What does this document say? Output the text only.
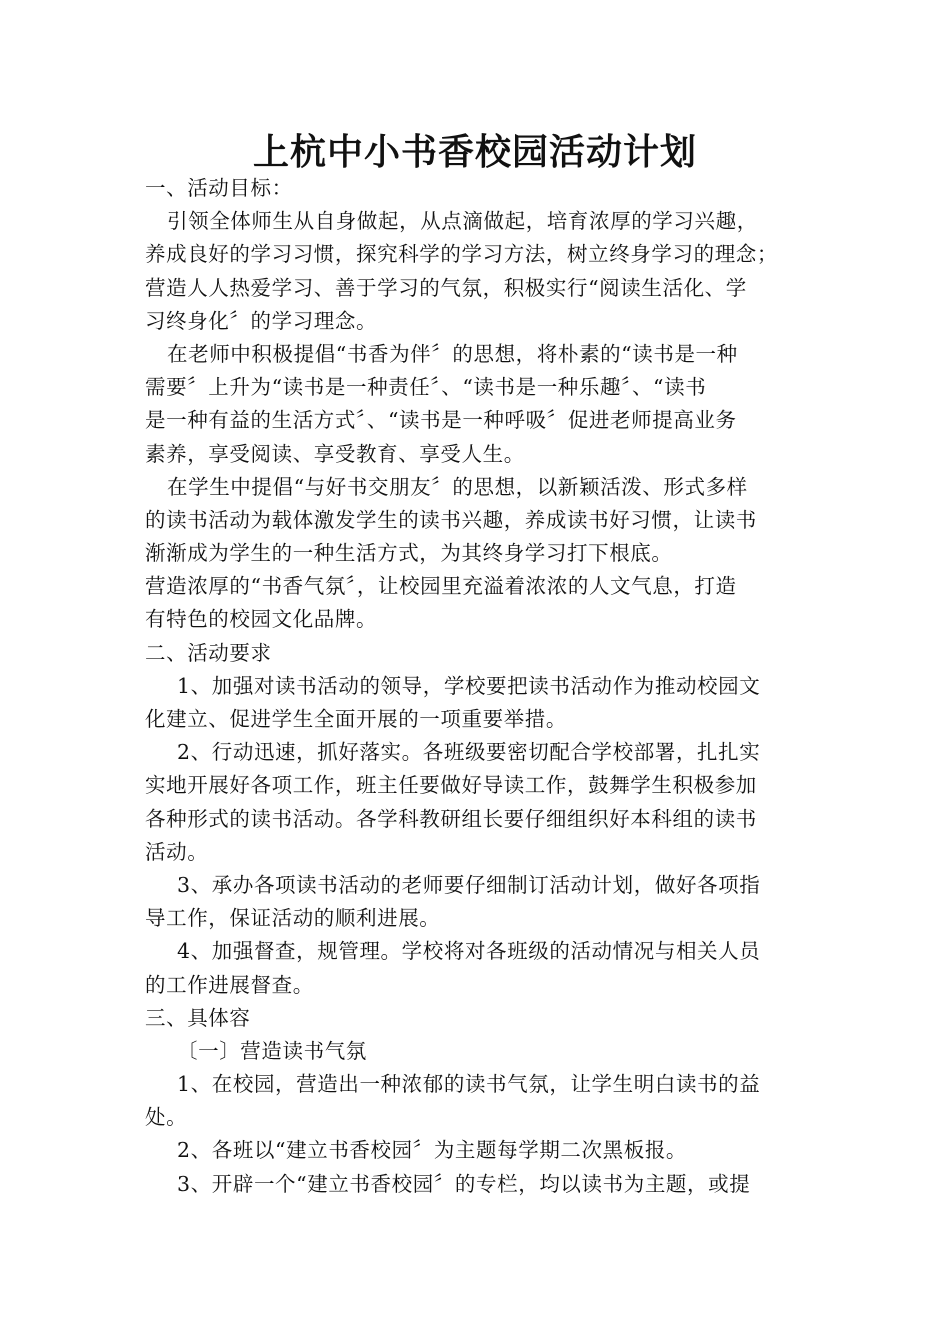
上杭中小书香校园活动计划
一、活动目标：
引领全体师生从自身做起，从点滴做起，培育浓厚的学习兴趣，
养成良好的学习习惯，探究科学的学习方法，树立终身学习的理念；
营造人人热爱学习、善于学习的气氛，积极实行“阅读生活化、学
习终身化〞的学习理念。
在老师中积极提倡“书香为伴〞的思想，将朴素的“读书是一种
需要〞上升为“读书是一种责任〞、“读书是一种乐趣〞、“读书
是一种有益的生活方式〞、“读书是一种呼吸〞促进老师提高业务
素养，享受阅读、享受教育、享受人生。
在学生中提倡“与好书交朋友〞的思想，以新颖活泼、形式多样
的读书活动为载体激发学生的读书兴趣，养成读书好习惯，让读书
渐渐成为学生的一种生活方式，为其终身学习打下根底。
营造浓厚的“书香气氛〞，让校园里充溢着浓浓的人文气息，打造
有特色的校园文化品牌。
二、活动要求
1、加强对读书活动的领导，学校要把读书活动作为推动校园文
化建立、促进学生全面开展的一项重要举措。
2、行动迅速，抓好落实。各班级要密切配合学校部署，扎扎实
实地开展好各项工作，班主任要做好导读工作，鼓舞学生积极参加
各种形式的读书活动。各学科教研组长要仔细组织好本科组的读书
活动。
3、承办各项读书活动的老师要仔细制订活动计划，做好各项指
导工作，保证活动的顺利进展。
4、加强督查，规管理。学校将对各班级的活动情况与相关人员
的工作进展督查。
三、具体容
〔一〕营造读书气氛
1、在校园，营造出一种浓郁的读书气氛，让学生明白读书的益
处。
2、各班以“建立书香校园〞为主题每学期二次黑板报。
3、开辟一个“建立书香校园〞的专栏，均以读书为主题，或提
